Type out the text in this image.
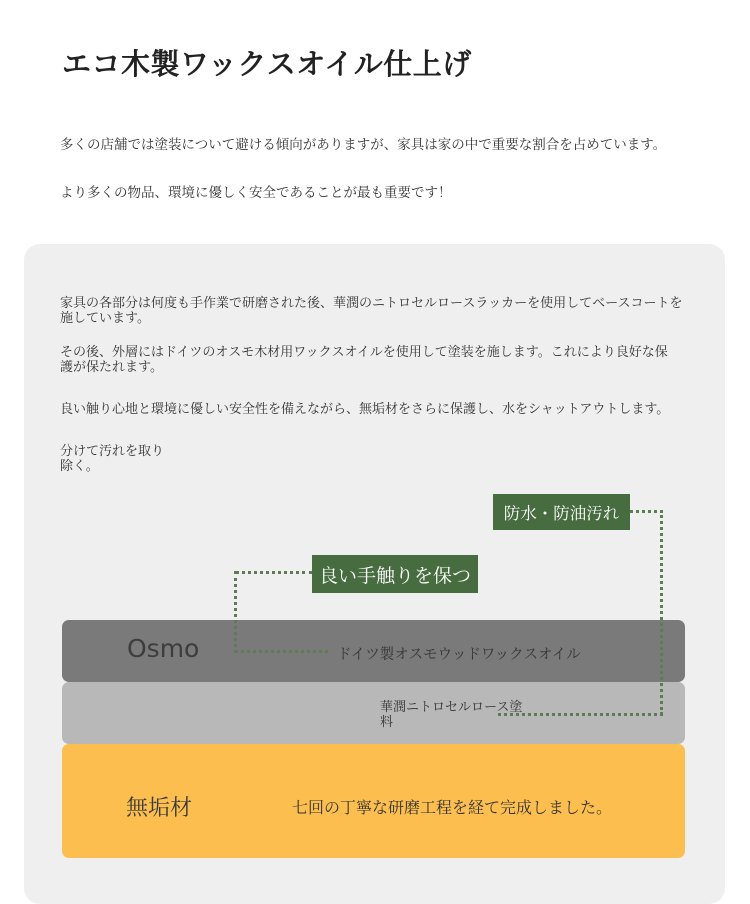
エコ木製ワックスオイル仕上げ
多くの店舗では塗装について避ける傾向がありますが、家具は家の中で重要な割合を占めています。
より多くの物品、環境に優しく安全であることが最も重要です！
家具の各部分は何度も手作業で研磨された後、華潤のニトロセルロースラッカーを使用してベースコートを施しています。
その後、外層にはドイツのオスモ木材用ワックスオイルを使用して塗装を施します。これにより良好な保護が保たれます。
良い触り心地と環境に優しい安全性を備えながら、無垢材をさらに保護し、水をシャットアウトします。
分けて汚れを取り除く。
Osmo	ドイツ製オスモウッドワックスオイル
華潤ニトロセルロース塗料
無垢材	七回の丁寧な研磨工程を経て完成しました。
防水・防油汚れ
良い手触りを保つ
